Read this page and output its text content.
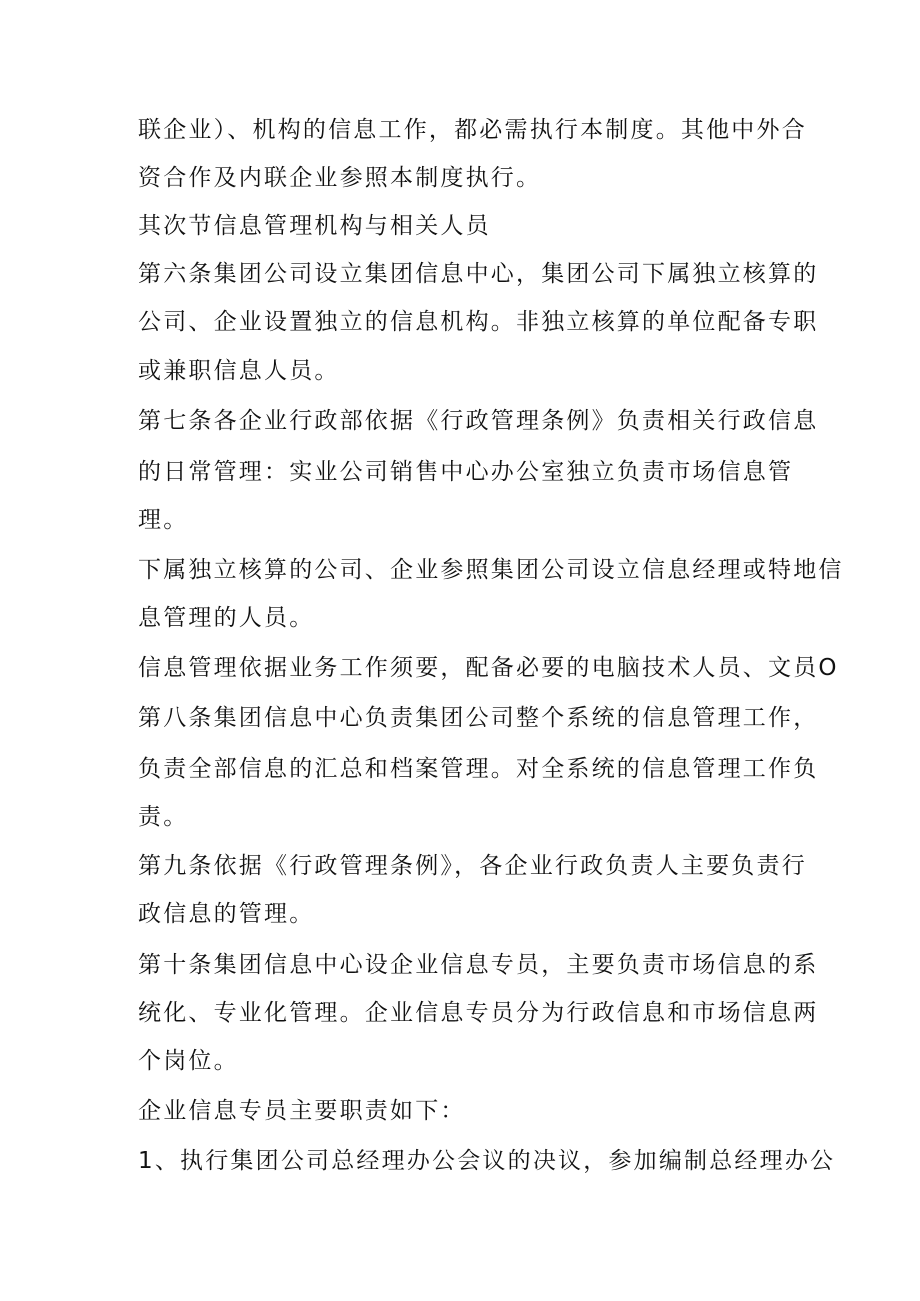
联企业）、机构的信息工作，都必需执行本制度。其他中外合
资合作及内联企业参照本制度执行。
其次节信息管理机构与相关人员
第六条集团公司设立集团信息中心，集团公司下属独立核算的
公司、企业设置独立的信息机构。非独立核算的单位配备专职
或兼职信息人员。
第七条各企业行政部依据《行政管理条例》负责相关行政信息
的日常管理：实业公司销售中心办公室独立负责市场信息管
理。
下属独立核算的公司、企业参照集团公司设立信息经理或特地信
息管理的人员。
信息管理依据业务工作须要，配备必要的电脑技术人员、文员O
第八条集团信息中心负责集团公司整个系统的信息管理工作，
负责全部信息的汇总和档案管理。对全系统的信息管理工作负
责。
第九条依据《行政管理条例》，各企业行政负责人主要负责行
政信息的管理。
第十条集团信息中心设企业信息专员，主要负责市场信息的系
统化、专业化管理。企业信息专员分为行政信息和市场信息两
个岗位。
企业信息专员主要职责如下：
1、执行集团公司总经理办公会议的决议，参加编制总经理办公
